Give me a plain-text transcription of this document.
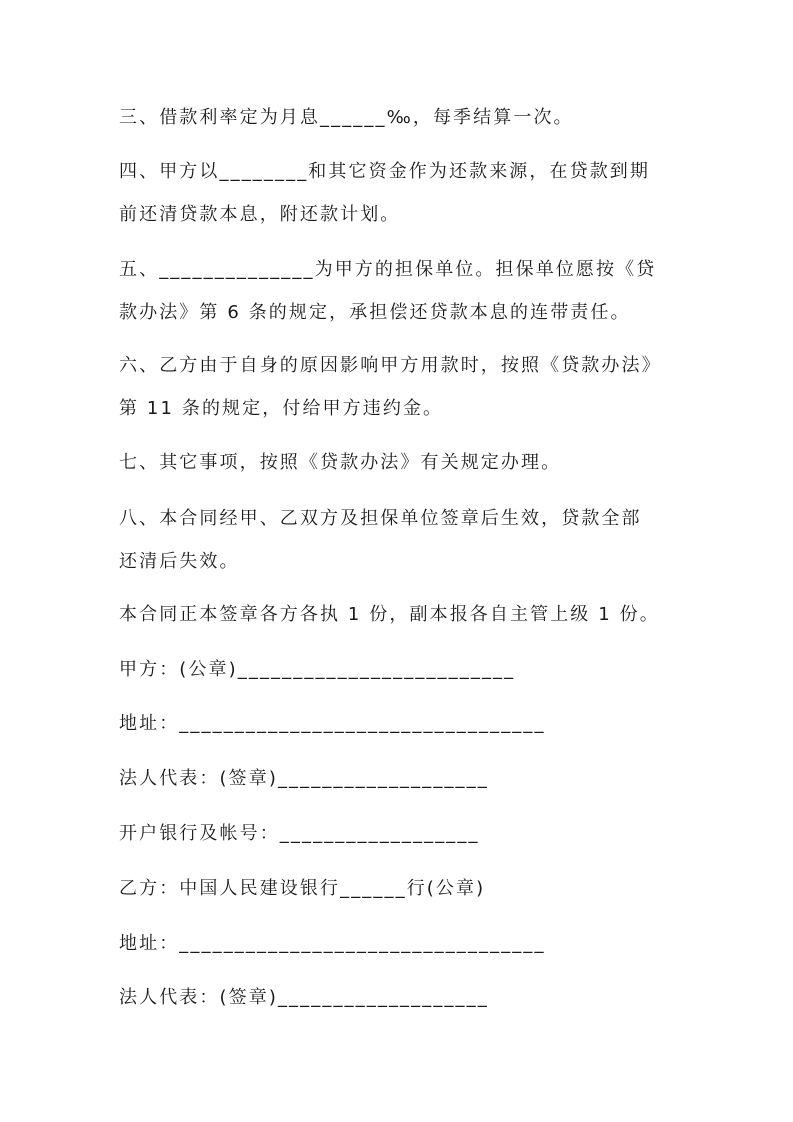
三、借款利率定为月息______‰，每季结算一次。
四、甲方以________和其它资金作为还款来源，在贷款到期
前还清贷款本息，附还款计划。
五、______________为甲方的担保单位。担保单位愿按《贷
款办法》第 6 条的规定，承担偿还贷款本息的连带责任。
六、乙方由于自身的原因影响甲方用款时，按照《贷款办法》
第 11 条的规定，付给甲方违约金。
七、其它事项，按照《贷款办法》有关规定办理。
八、本合同经甲、乙双方及担保单位签章后生效，贷款全部
还清后失效。
本合同正本签章各方各执 1 份，副本报各自主管上级 1 份。
甲方：(公章)_________________________
地址：_________________________________
法人代表：(签章)___________________
开户银行及帐号：__________________
乙方：中国人民建设银行______行(公章)
地址：_________________________________
法人代表：(签章)___________________
